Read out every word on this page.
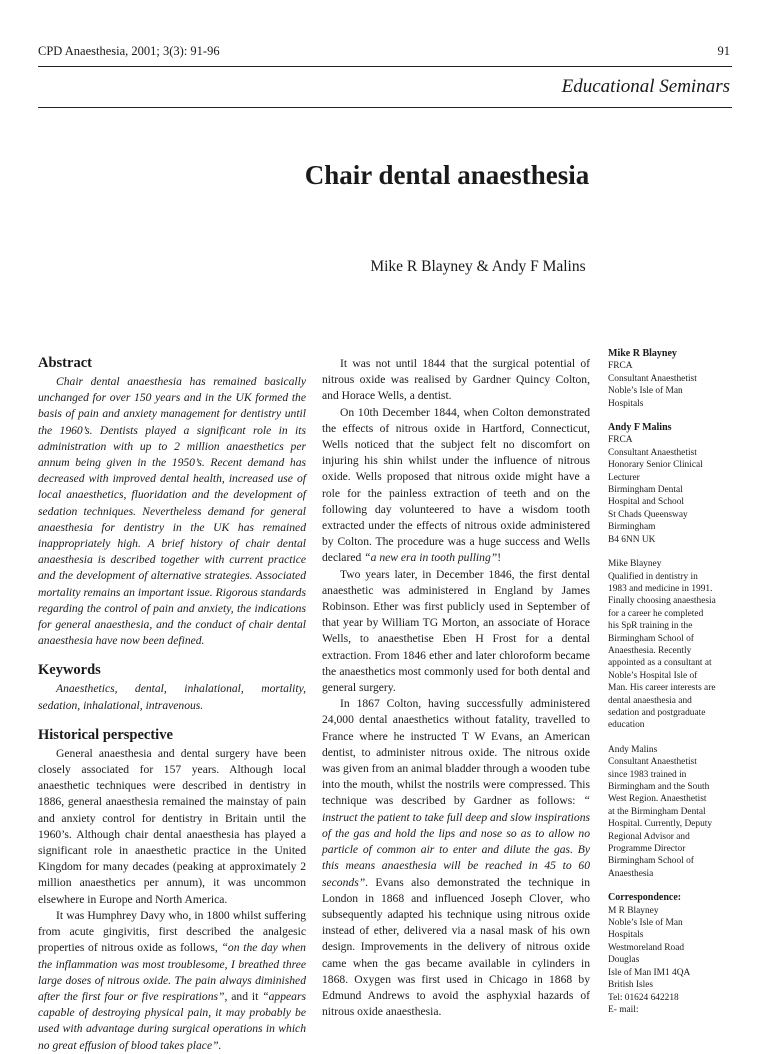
CPD Anaesthesia, 2001; 3(3): 91-96	91
Educational Seminars
Chair dental anaesthesia
Mike R Blayney & Andy F Malins
Abstract

Chair dental anaesthesia has remained basically unchanged for over 150 years and in the UK formed the basis of pain and anxiety management for dentistry until the 1960’s. Dentists played a significant role in its administration with up to 2 million anaesthetics per annum being given in the 1950’s. Recent demand has decreased with improved dental health, increased use of local anaesthetics, fluoridation and the development of sedation techniques. Nevertheless demand for general anaesthesia for dentistry in the UK has remained inappropriately high. A brief history of chair dental anaesthesia is described together with current practice and the development of alternative strategies. Associated mortality remains an important issue. Rigorous standards regarding the control of pain and anxiety, the indications for general anaesthesia, and the conduct of chair dental anaesthesia have now been defined.

Keywords

Anaesthetics, dental, inhalational, mortality, sedation, inhalational, intravenous.

Historical perspective

General anaesthesia and dental surgery have been closely associated for 157 years. Although local anaesthetic techniques were described in dentistry in 1886, general anaesthesia remained the mainstay of pain and anxiety control for dentistry in Britain until the 1960’s. Although chair dental anaesthesia has played a significant role in anaesthetic practice in the United Kingdom for many decades (peaking at approximately 2 million anaesthetics per annum), it was uncommon elsewhere in Europe and North America.

It was Humphrey Davy who, in 1800 whilst suffering from acute gingivitis, first described the analgesic properties of nitrous oxide as follows, “on the day when the inflammation was most troublesome, I breathed three large doses of nitrous oxide. The pain always diminished after the first four or five respirations”, and it “appears capable of destroying physical pain, it may probably be used with advantage during surgical operations in which no great effusion of blood takes place”.

It was not until 1844 that the surgical potential of nitrous oxide was realised by Gardner Quincy Colton, and Horace Wells, a dentist.

On 10th December 1844, when Colton demonstrated the effects of nitrous oxide in Hartford, Connecticut, Wells noticed that the subject felt no discomfort on injuring his shin whilst under the influence of nitrous oxide. Wells proposed that nitrous oxide might have a role for the painless extraction of teeth and on the following day volunteered to have a wisdom tooth extracted under the effects of nitrous oxide administered by Colton. The procedure was a huge success and Wells declared “a new era in tooth pulling”!

Two years later, in December 1846, the first dental anaesthetic was administered in England by James Robinson. Ether was first publicly used in September of that year by William TG Morton, an associate of Horace Wells, to anaesthetise Eben H Frost for a dental extraction. From 1846 ether and later chloroform became the anaesthetics most commonly used for both dental and general surgery.

In 1867 Colton, having successfully administered 24,000 dental anaesthetics without fatality, travelled to France where he instructed T W Evans, an American dentist, to administer nitrous oxide. The nitrous oxide was given from an animal bladder through a wooden tube into the mouth, whilst the nostrils were compressed. This technique was described by Gardner as follows: “ instruct the patient to take full deep and slow inspirations of the gas and hold the lips and nose so as to allow no particle of common air to enter and dilute the gas. By this means anaesthesia will be reached in 45 to 60 seconds”. Evans also demonstrated the technique in London in 1868 and influenced Joseph Clover, who subsequently adapted his technique using nitrous oxide instead of ether, delivered via a nasal mask of his own design. Improvements in the delivery of nitrous oxide came when the gas became available in cylinders in 1868. Oxygen was first used in Chicago in 1868 by Edmund Andrews to avoid the asphyxial hazards of nitrous oxide anaesthesia.

Mike R Blayney
FRCA
Consultant Anaesthetist
Noble’s Isle of Man
Hospitals
Andy F Malins
FRCA
Consultant Anaesthetist
Honorary Senior Clinical
Lecturer
Birmingham Dental
Hospital and School
St Chads Queensway
Birmingham
B4 6NN UK
Mike Blayney
Qualified in dentistry in
1983 and medicine in 1991.
Finally choosing anaesthesia
for a career he completed
his SpR training in the
Birmingham School of
Anaesthesia. Recently
appointed as a consultant at
Noble’s Hospital Isle of
Man. His career interests are
dental anaesthesia and
sedation and postgraduate
education
Andy Malins
Consultant Anaesthetist
since 1983 trained in
Birmingham and the South
West Region. Anaesthetist
at the Birmingham Dental
Hospital. Currently, Deputy
Regional Advisor and
Programme Director
Birmingham School of
Anaesthesia
Correspondence:
M R Blayney
Noble’s Isle of Man
Hospitals
Westmoreland Road
Douglas
Isle of Man IM1 4QA
British Isles
Tel: 01624 642218
E- mail:
